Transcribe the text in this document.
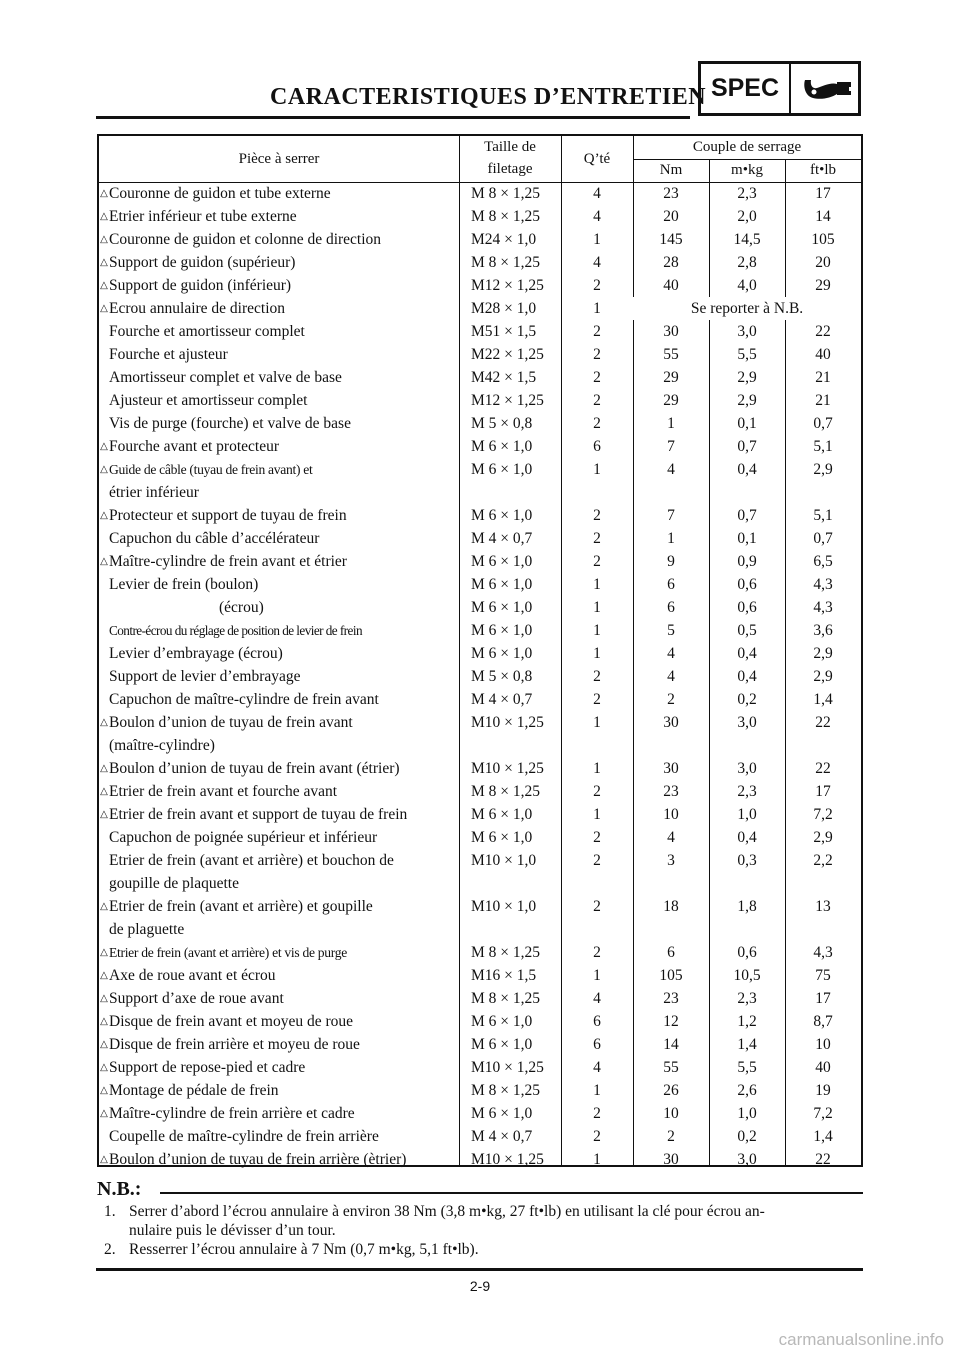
CARACTERISTIQUES D’ENTRETIEN SPEC
Pièce à serrer
Taille de
filetage
Q’té
Couple de serrage
Nm	m•kg	ft•lb
△ Couronne de guidon et tube externe	M 8 × 1,25	4	23	2,3	17
△ Etrier inférieur et tube externe	M 8 × 1,25	4	20	2,0	14
△ Couronne de guidon et colonne de direction	M24 × 1,0	1	145	14,5	105
△ Support de guidon (supérieur)	M 8 × 1,25	4	28	2,8	20
△ Support de guidon (inférieur)	M12 × 1,25	2	40	4,0	29
△ Ecrou annulaire de direction	M28 × 1,0	1	Se reporter à N.B.
Fourche et amortisseur complet	M51 × 1,5	2	30	3,0	22
Fourche et ajusteur	M22 × 1,25	2	55	5,5	40
Amortisseur complet et valve de base	M42 × 1,5	2	29	2,9	21
Ajusteur et amortisseur complet	M12 × 1,25	2	29	2,9	21
Vis de purge (fourche) et valve de base	M 5 × 0,8	2	1	0,1	0,7
△ Fourche avant et protecteur	M 6 × 1,0	6	7	0,7	5,1
△ Guide de câble (tuyau de frein avant) et
étrier inférieur
M 6 × 1,0	1	4	0,4	2,9
△ Protecteur et support de tuyau de frein	M 6 × 1,0	2	7	0,7	5,1
Capuchon du câble d’accélérateur	M 4 × 0,7	2	1	0,1	0,7
△ Maître-cylindre de frein avant et étrier	M 6 × 1,0	2	9	0,9	6,5
Levier de frein (boulon)	M 6 × 1,0	1	6	0,6	4,3
(écrou)	M 6 × 1,0	1	6	0,6	4,3
Contre-écrou du réglage de position de levier de frein	M 6 × 1,0	1	5	0,5	3,6
Levier d’embrayage (écrou)	M 6 × 1,0	1	4	0,4	2,9
Support de levier d’embrayage	M 5 × 0,8	2	4	0,4	2,9
Capuchon de maître-cylindre de frein avant	M 4 × 0,7	2	2	0,2	1,4
△ Boulon d’union de tuyau de frein avant
(maître-cylindre)
M10 × 1,25	1	30	3,0	22
△ Boulon d’union de tuyau de frein avant (étrier)	M10 × 1,25	1	30	3,0	22
△ Etrier de frein avant et fourche avant	M 8 × 1,25	2	23	2,3	17
△ Etrier de frein avant et support de tuyau de frein	M 6 × 1,0	1	10	1,0	7,2
Capuchon de poignée supérieur et inférieur	M 6 × 1,0	2	4	0,4	2,9
Etrier de frein (avant et arrière) et bouchon de
goupille de plaquette
M10 × 1,0	2	3	0,3	2,2
△ Etrier de frein (avant et arrière) et goupille
de plaguette
M10 × 1,0	2	18	1,8	13
△ Etrier de frein (avant et arrière) et vis de purge	M 8 × 1,25	2	6	0,6	4,3
△ Axe de roue avant et écrou	M16 × 1,5	1	105	10,5	75
△ Support d’axe de roue avant	M 8 × 1,25	4	23	2,3	17
△ Disque de frein avant et moyeu de roue	M 6 × 1,0	6	12	1,2	8,7
△ Disque de frein arrière et moyeu de roue	M 6 × 1,0	6	14	1,4	10
△ Support de repose-pied et cadre	M10 × 1,25	4	55	5,5	40
△ Montage de pédale de frein	M 8 × 1,25	1	26	2,6	19
△ Maître-cylindre de frein arrière et cadre	M 6 × 1,0	2	10	1,0	7,2
Coupelle de maître-cylindre de frein arrière	M 4 × 0,7	2	2	0,2	1,4
△ Boulon d’union de tuyau de frein arrière (ètrier)	M10 × 1,25	1	30	3,0	22
N.B.:
1. Serrer d’abord l’écrou annulaire à environ 38 Nm (3,8 m•kg, 27 ft•lb) en utilisant la clé pour écrou an-
nulaire puis le dévisser d’un tour.
2. Resserrer l’écrou annulaire à 7 Nm (0,7 m•kg, 5,1 ft•lb).
2-9
carmanualsonline.info
